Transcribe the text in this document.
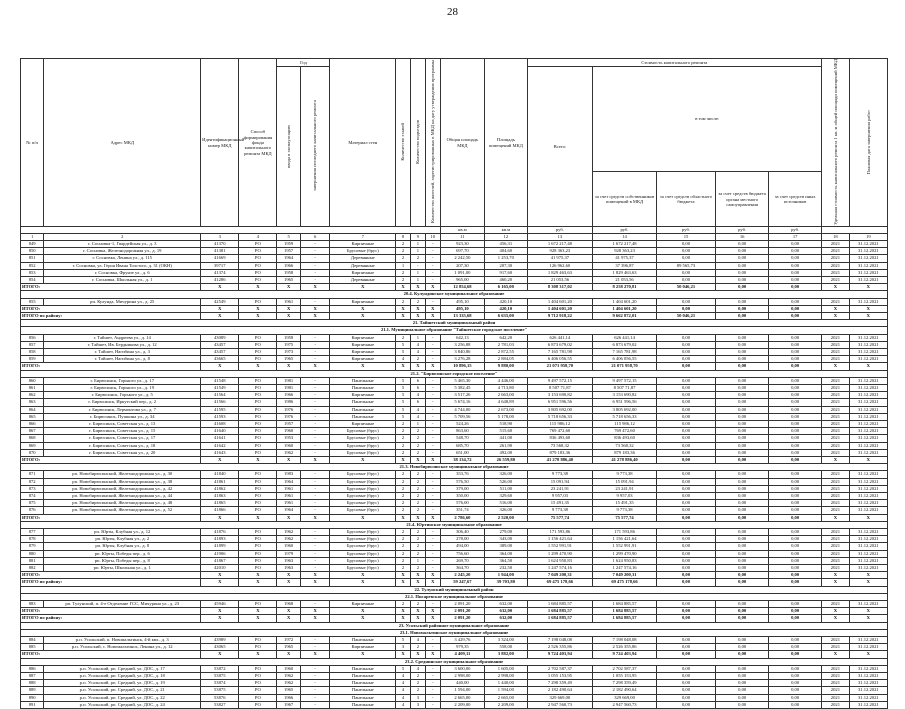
28
№ п/п	Адрес МКД	Идентификационный номер МКД	Способ формирования фонда капитального ремонта МКД	Год		Материал стен	Количество этажей	Количество подъездов	Количество жителей, зарегистрированных в МКД на дату утверждения программы	Общая площадь МКД	Площадь помещений МКД	Стоимость капитального ремонта					Удельная стоимость капитального ремонта 1 кв. м общей площади помещений МКД	Плановая дата завершения работ
				ввода в эксплуатацию	завершения последнего капитального ремонта							Всего:	в том числе:					
													за счет средств собственников помещений в МКД	за счет средств областного бюджета	за счет средств бюджета органа местного самоуправления	за счет средств иных источников		
										кв.м	кв.м	руб.	руб.	руб.	руб.	руб.		
1	2	3	4	5	6	7	8	9	10	11	12	13	14	15	16	17	18	19
849	г. Сосновка-1, Гвардейская ул., д. 3	41370	РО	1959	-	Кирпичные	2	1	-	923,30	456,31	1 672 217,48	1 672 217,48	0,00	0,00	0,00	2021	31.12.2021
850	г. Сосновка, Железнодорожная ул., д. 19	41381	РО	1957	-	Брусовые (брус)	2	1	-	697,70	404,60	928 363,23	928 363,23	0,00	0,00	0,00	2021	31.12.2021
851	г. Сосновка, Ленина ул., д. 115	41669	РО	1964	-	Деревянные	2	2	-	2 242,50	1 253,70	41 975,37	41 975,37	0,00	0,00	0,00	2021	31.12.2021
852	г. Сосновка, ул. Героя Ивана Толстого, д. 31 (ОКН)	39717	РО	1966	-	Деревянные	1	-	-	207,30	207,30	126 962,60	37 396,87	89 565,73	0,00	0,00	2021	31.12.2021
853	г. Сосновка, Фрунзе ул., д. 6	41374	РО	1958	-	Кирпичные	2	1	-	1 091,00	917,60	1 829 463,63	1 829 463,63	0,00	0,00	0,00	2021	31.12.2021
854	г. Сосновка, Школьная ул., д. 1	41286	РО	1965	-	Деревянные	2	1	-	965,00	460,20	21 053,56	21 053,56	0,00	0,00	0,00	2021	31.12.2021
ИТОГО:		X	X	X	X	X	X	X	X	12 854,68	6 165,00	8 308 317,02	8 258 270,81	50 046,21	0,00	0,00	X	X
20.4. Кулундинское муниципальное образование																		
855	рп. Кулунда, Мичурина ул., д. 25	42549	РО	1961	-	Кирпичные	2	2	-	495,10	420,10	1 404 601,20	1 404 601,20	0,00	0,00	0,00	2021	31.12.2021
ИТОГО:		X	X	X	X	X	X	X	X	495,10	420,10	1 404 601,20	1 404 601,20	0,00	0,00	0,00	X	X
ИТОГО по району:		X	X	X	X	X	X	X	X	13 335,68	6 635,00	9 712 918,22	9 662 872,01	50 046,21	0,00	0,00	X	X
21. Тайшетский муниципальный район																		
21.1. Муниципальное образование "Тайшетское городское поселение"																		
856	г. Тайшет, Андреева ул., д. 14	43089	РО	1958	-	Кирпичные	2	1	-	642,13	642,20	626 441,14	626 441,14	0,00	0,00	0,00	2021	31.12.2021
857	г. Тайшет, Ив. Бердникова ул., д. 12	43457	РО	1975	-	Кирпичные	5	4	-	3 256,88	2 781,03	6 873 679,02	6 873 679,02	0,00	0,00	0,00	2021	31.12.2021
858	г. Тайшет, Нагибина ул., д. 3	43457	РО	1973	-	Кирпичные	5	4	-	3 840,86	2 872,55	7 165 781,98	7 165 781,98	0,00	0,00	0,00	2021	31.12.2021
859	г. Тайшет, Нагибина ул., д. 8	43665	РО	1965	-	Кирпичные	4	2	-	3 276,28	2 884,05	6 406 056,55	6 406 056,55	0,00	0,00	0,00	2021	31.12.2021
ИТОГО:		X	X	X	X	X	X	X	X	10 896,15	9 880,00	21 071 958,70	21 071 958,70	0,00	0,00	0,00	X	X
21.2. "Бирюсинское городское поселение"																		
860	г. Бирюсинск, Горького ул., д. 17	41548	РО	1981	-	Панельные	5	6	-	5 465,30	4 446,00	9 497 572,15	9 497 572,15	0,00	0,00	0,00	2021	31.12.2021
861	г. Бирюсинск, Горького ул., д. 19	41549	РО	1981	-	Панельные	5	6	-	5 382,45	4 713,80	8 507 71,87	8 507 71,87	0,00	0,00	0,00	2021	31.12.2021
862	г. Бирюсинск, Горького ул., д. 5	41564	РО	1966	-	Кирпичные	5	4	-	3 517,26	2 663,00	3 153 690,82	3 153 690,82	0,00	0,00	0,00	2021	31.12.2021
863	г. Бирюсинск, Иркутский пер., д. 2	41566	РО	1986	-	Панельные	5	6	-	5 674,16	4 648,89	6 951 596,56	6 951 596,56	0,00	0,00	0,00	2021	31.12.2021
864	г. Бирюсинск, Лермонтова ул., д. 7	41595	РО	1976	-	Панельные	5	4	-	4 744,00	2 673,00	3 805 692,00	3 805 692,00	0,00	0,00	0,00	2021	31.12.2021
865	г. Бирюсинск, Пушкина ул., д. 34	41593	РО	1976	-	Панельные	5	4	-	5 709,56	5 178,00	5 718 656,33	5 718 656,33	0,00	0,00	0,00	2021	31.12.2021
866	г. Бирюсинск, Советская ул., д. 13	41608	РО	1957	-	Кирпичные	2	1	-	524,26	518,90	115 986,12	115 986,12	0,00	0,00	0,00	2021	31.12.2021
867	г. Бирюсинск, Советская ул., д. 15	41640	РО	1960	-	Брусовые (брус)	2	2	-	863,60	515,60	769 472,60	769 472,60	0,00	0,00	0,00	2021	31.12.2021
868	г. Бирюсинск, Советская ул., д. 17	41641	РО	1953	-	Брусовые (брус)	2	2	-	548,70	441,00	836 493,60	836 493,60	0,00	0,00	0,00	2021	31.12.2021
869	г. Бирюсинск, Советская ул., д. 18	41642	РО	1960	-	Брусовые (брус)	2	2	-	685,70	261,90	73 568,32	73 568,32	0,00	0,00	0,00	2021	31.12.2021
870	г. Бирюсинск, Советская ул., д. 20	41643	РО	1962	-	Брусовые (брус)	2	2	-	651,00	492,00	879 183,36	879 183,36	0,00	0,00	0,00	2021	31.12.2021
ИТОГО:		X	X	X	X	X	X	X	X	38 134,72	26 559,80	41 278 886,40	41 278 886,40	0,00	0,00	0,00	X	X
21.3. Новобирюсинское муниципальное образование																		
871	рп. Новобирюсинский, Железнодорожная ул., д. 30	41840	РО	1983	-	Брусовые (брус)	2	2	-	353,76	326,00	9 773,38	9 773,38	0,00	0,00	0,00	2021	31.12.2021
872	рп. Новобирюсинский, Железнодорожная ул., д. 38	41861	РО	1964	-	Брусовые (брус)	2	2	-	576,50	526,00	15 091,94	15 091,94	0,00	0,00	0,00	2021	31.12.2021
873	рп. Новобирюсинский, Железнодорожная ул., д. 42	41862	РО	1961	-	Брусовые (брус)	2	2	-	379,00	511,00	23 241,91	23 241,91	0,00	0,00	0,00	2021	31.12.2021
874	рп. Новобирюсинский, Железнодорожная ул., д. 44	41863	РО	1961	-	Брусовые (брус)	2	2	-	350,00	329,60	9 957,03	9 957,03	0,00	0,00	0,00	2021	31.12.2021
875	рп. Новобирюсинский, Железнодорожная ул., д. 48	41865	РО	1961	-	Брусовые (брус)	2	2	-	576,00	516,00	15 491,35	15 491,35	0,00	0,00	0,00	2021	31.12.2021
876	рп. Новобирюсинский, Железнодорожная ул., д. 52	41866	РО	1964	-	Брусовые (брус)	2	2	-	351,74	326,00	9 773,38	9 773,38	0,00	0,00	0,00	2021	31.12.2021
ИТОГО:		X	X	X	X	X	X	X	X	2 786,60	2 520,00	75 577,74	75 577,74	0,00	0,00	0,00	X	X
21.4. Юртинское муниципальное образование																		
877	рп. Юрты, Клубная ул., д. 12	41876	РО	1962	-	Брусовые (брус)	2	2	-	306,40	279,00	171 593,86	171 593,86	0,00	0,00	0,00	2021	31.12.2021
878	рп. Юрты, Клубная ул., д. 2	41893	РО	1962	-	Брусовые (брус)	2	2	-	278,00	343,00	1 156 421,64	1 156 421,64	0,00	0,00	0,00	2021	31.12.2021
879	рп. Юрты, Клубная ул., д. 8	41899	РО	1960	-	Брусовые (брус)	2	2	-	494,00	389,00	1 552 991,91	1 552 991,91	0,00	0,00	0,00	2021	31.12.2021
880	рп. Юрты, Победы пер., д. 6	41906	РО	1979	-	Брусовые (брус)	2	2	-	756,60	364,00	1 299 470,90	1 299 470,90	0,00	0,00	0,00	2021	31.12.2021
881	рп. Юрты, Победы пер., д. 8	41867	РО	1963	-	Брусовые (брус)	2	1	-	269,70	364,50	1 624 950,83	1 624 950,83	0,00	0,00	0,00	2021	31.12.2021
882	рп. Юрты, Школьная ул., д. 1	42010	РО	1963	-	Брусовые (брус)	2	2	-	364,70	232,50	1 247 574,16	1 247 574,16	0,00	0,00	0,00	2021	31.12.2021
ИТОГО:		X	X	X	X	X	X	X	X	2 245,20	1 944,00	7 049 200,31	7 049 200,31	0,00	0,00	0,00	X	X
ИТОГО по району:		X	X	X	X	X	X	X	X	59 247,67	39 703,80	69 475 178,66	69 475 178,66	0,00	0,00	0,00	X	X
22. Тулунский муниципальный район																		
22.1. Писаревское муниципальное образование																		
883	рп. Тулунский, п. 4-е Отделение ГСС, Мичурина ул., д. 23	45946	РО	1968	-	Кирпичные	2	2	-	2 091,20	632,00	1 684 885,57	1 684 885,57	0,00	0,00	0,00	2021	31.12.2021
ИТОГО:		X	X	X	X	X	X	X	X	2 091,20	632,00	1 684 885,57	1 684 885,57	0,00	0,00	0,00	X	X
ИТОГО по району:		X	X	X	X	X	X	X	X	2 091,20	632,00	1 684 885,57	1 684 885,57	0,00	0,00	0,00	X	X
23. Усольский районное муниципальное образование																		
23.1. Новомальтинское муниципальное образование																		
884	р.п. Усольский, п. Новомальтинск, 4-й квл., д. 3	43989	РО	1972	-	Панельные	5	4	-	3 429,76	3 324,00	7 198 048,08	7 198 048,08	0,00	0,00	0,00	2021	31.12.2021
885	р.п. Усольский, с. Новомальтинск, Ленина ул., д. 12	43065	РО	1965	-	Кирпичные	3	2	-	979,35	558,00	2 526 355,86	2 526 355,86	0,00	0,00	0,00	2021	31.12.2021
ИТОГО:		X	X	X	X	X	X	X	X	4 409,11	3 882,00	9 724 403,94	9 724 403,94	0,00	0,00	0,00	X	X
23.2. Среднинское муниципальное образование																		
886	р.п. Усольский, рп. Средний, ул. ДОС, д. 17	53872	РО	1960	-	Панельные	5	4	-	3 600,00	1 605,00	2 702 587,37	2 702 587,37	0,00	0,00	0,00	2021	31.12.2021
887	р.п. Усольский, рп. Средний, ул. ДОС, д. 18	53875	РО	1962	-	Панельные	4	2	-	2 998,00	2 998,00	1 055 153,95	1 055 153,95	0,00	0,00	0,00	2021	31.12.2021
888	р.п. Усольский, рп. Средний, ул. ДОС, д. 19	53874	РО	1962	-	Панельные	4	2	-	440,00	1 440,00	7 298 359,49	7 298 359,49	0,00	0,00	0,00	2021	31.12.2021
889	р.п. Усольский, рп. Средний, ул. ДОС, д. 21	53875	РО	1965	-	Панельные	4	2	-	1 594,00	1 594,00	2 182 490,64	2 182 490,64	0,00	0,00	0,00	2021	31.12.2021
890	р.п. Усольский, рп. Средний, ул. ДОС, д. 22	53876	РО	1966	-	Панельные	4	3	-	2 665,00	2 665,00	329 669,00	329 669,00	0,00	0,00	0,00	2021	31.12.2021
891	р.п. Усольский, рп. Средний, ул. ДОС, д. 24	53827	РО	1967	-	Панельные	4	3	-	2 209,00	2 209,00	2 947 560,73	2 947 560,73	0,00	0,00	0,00	2021	31.12.2021
